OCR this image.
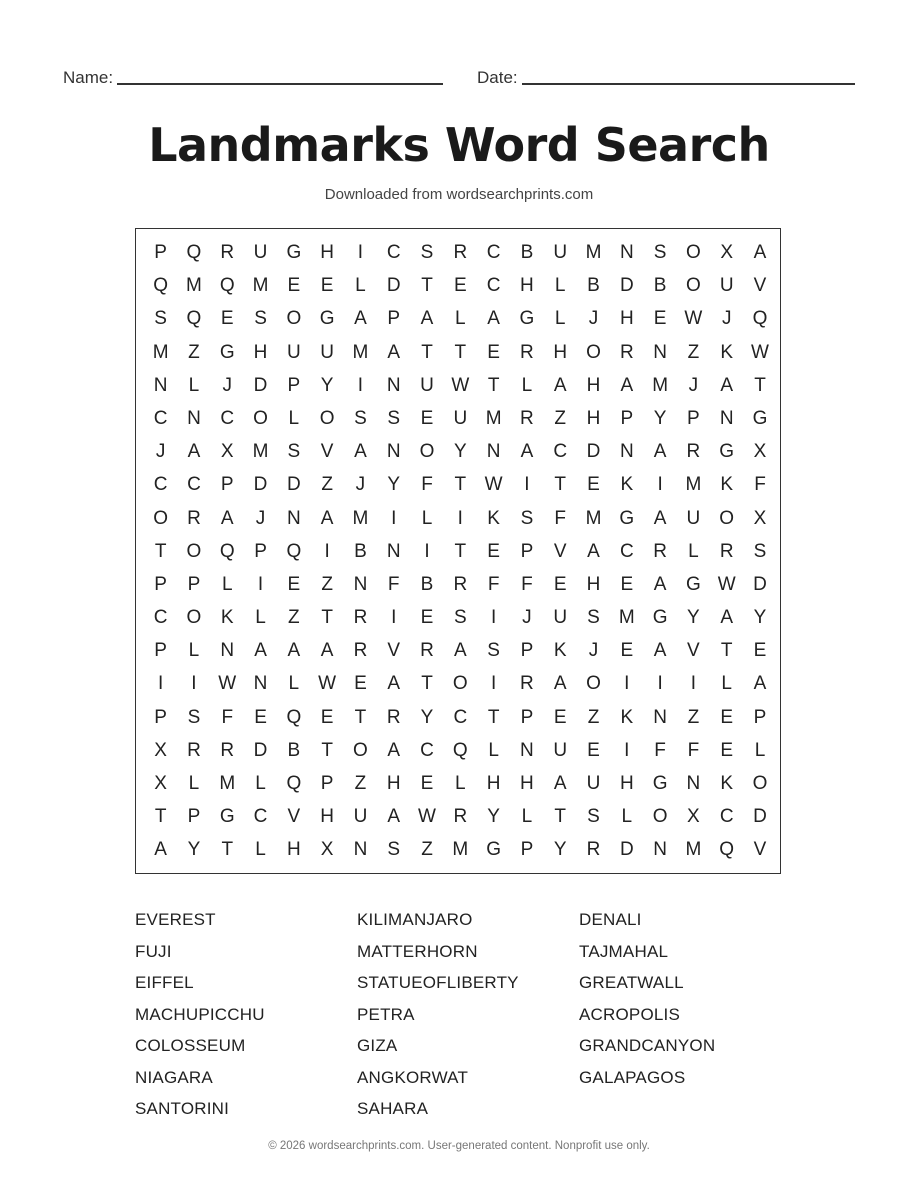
Name:	Date:
Landmarks Word Search
Downloaded from wordsearchprints.com
P	Q	R	U	G	H	I	C	S	R	C	B	U M N	S	O	X	A
Q M Q M	E	E	L	D	T	E	C	H	L	B	D	B	O	U	V
S	Q	E	S	O G	A	P	A	L	A	G	L	J	H	E W	J	Q
M	Z	G	H	U	U M	A	T	T	E	R	H	O	R	N	Z	K W
N	L	J	D	P	Y	I	N	U W T	L	A	H	A	M	J	A	T
C	N	C	O	L	O	S	S	E	U M R	Z	H	P	Y	P	N	G
J	A	X	M	S	V	A	N	O	Y	N	A	C	D	N	A	R	G	X
C	C	P	D	D	Z	J	Y	F	T W	I	T	E	K	I	M	K	F
O	R	A	J	N	A	M	I	L	I	K	S	F	M G	A	U	O	X
T	O Q	P	Q	I	B	N	I	T	E	P	V	A	C	R	L	R	S
P	P	L	I	E	Z	N	F	B	R	F	F	E	H	E	A	G W D
C	O	K	L	Z	T	R	I	E	S	I	J	U	S	M G	Y	A	Y
P	L	N	A	A	A	R	V	R	A	S	P	K	J	E	A	V	T	E
I	I	W N	L	W E	A	T	O	I	R	A	O	I	I	I	L	A
P	S	F	E	Q	E	T	R	Y	C	T	P	E	Z	K	N	Z	E	P
X	R	R	D	B	T	O	A	C	Q	L	N	U	E	I	F	F	E	L
X	L	M	L	Q	P	Z	H	E	L	H	H	A	U	H	G	N	K	O
T	P	G	C	V	H	U	A W R	Y	L	T	S	L	O	X	C	D
A	Y	T	L	H	X	N	S	Z	M G	P	Y	R	D	N M Q	V
EVEREST	KILIMANJARO	DENALI
FUJI	MATTERHORN	TAJMAHAL
EIFFEL	STATUEOFLIBERTY	GREATWALL
MACHUPICCHU	PETRA	ACROPOLIS
COLOSSEUM	GIZA	GRANDCANYON
NIAGARA	ANGKORWAT	GALAPAGOS
SANTORINI	SAHARA
© 2026 wordsearchprints.com. User-generated content. Nonprofit use only.
